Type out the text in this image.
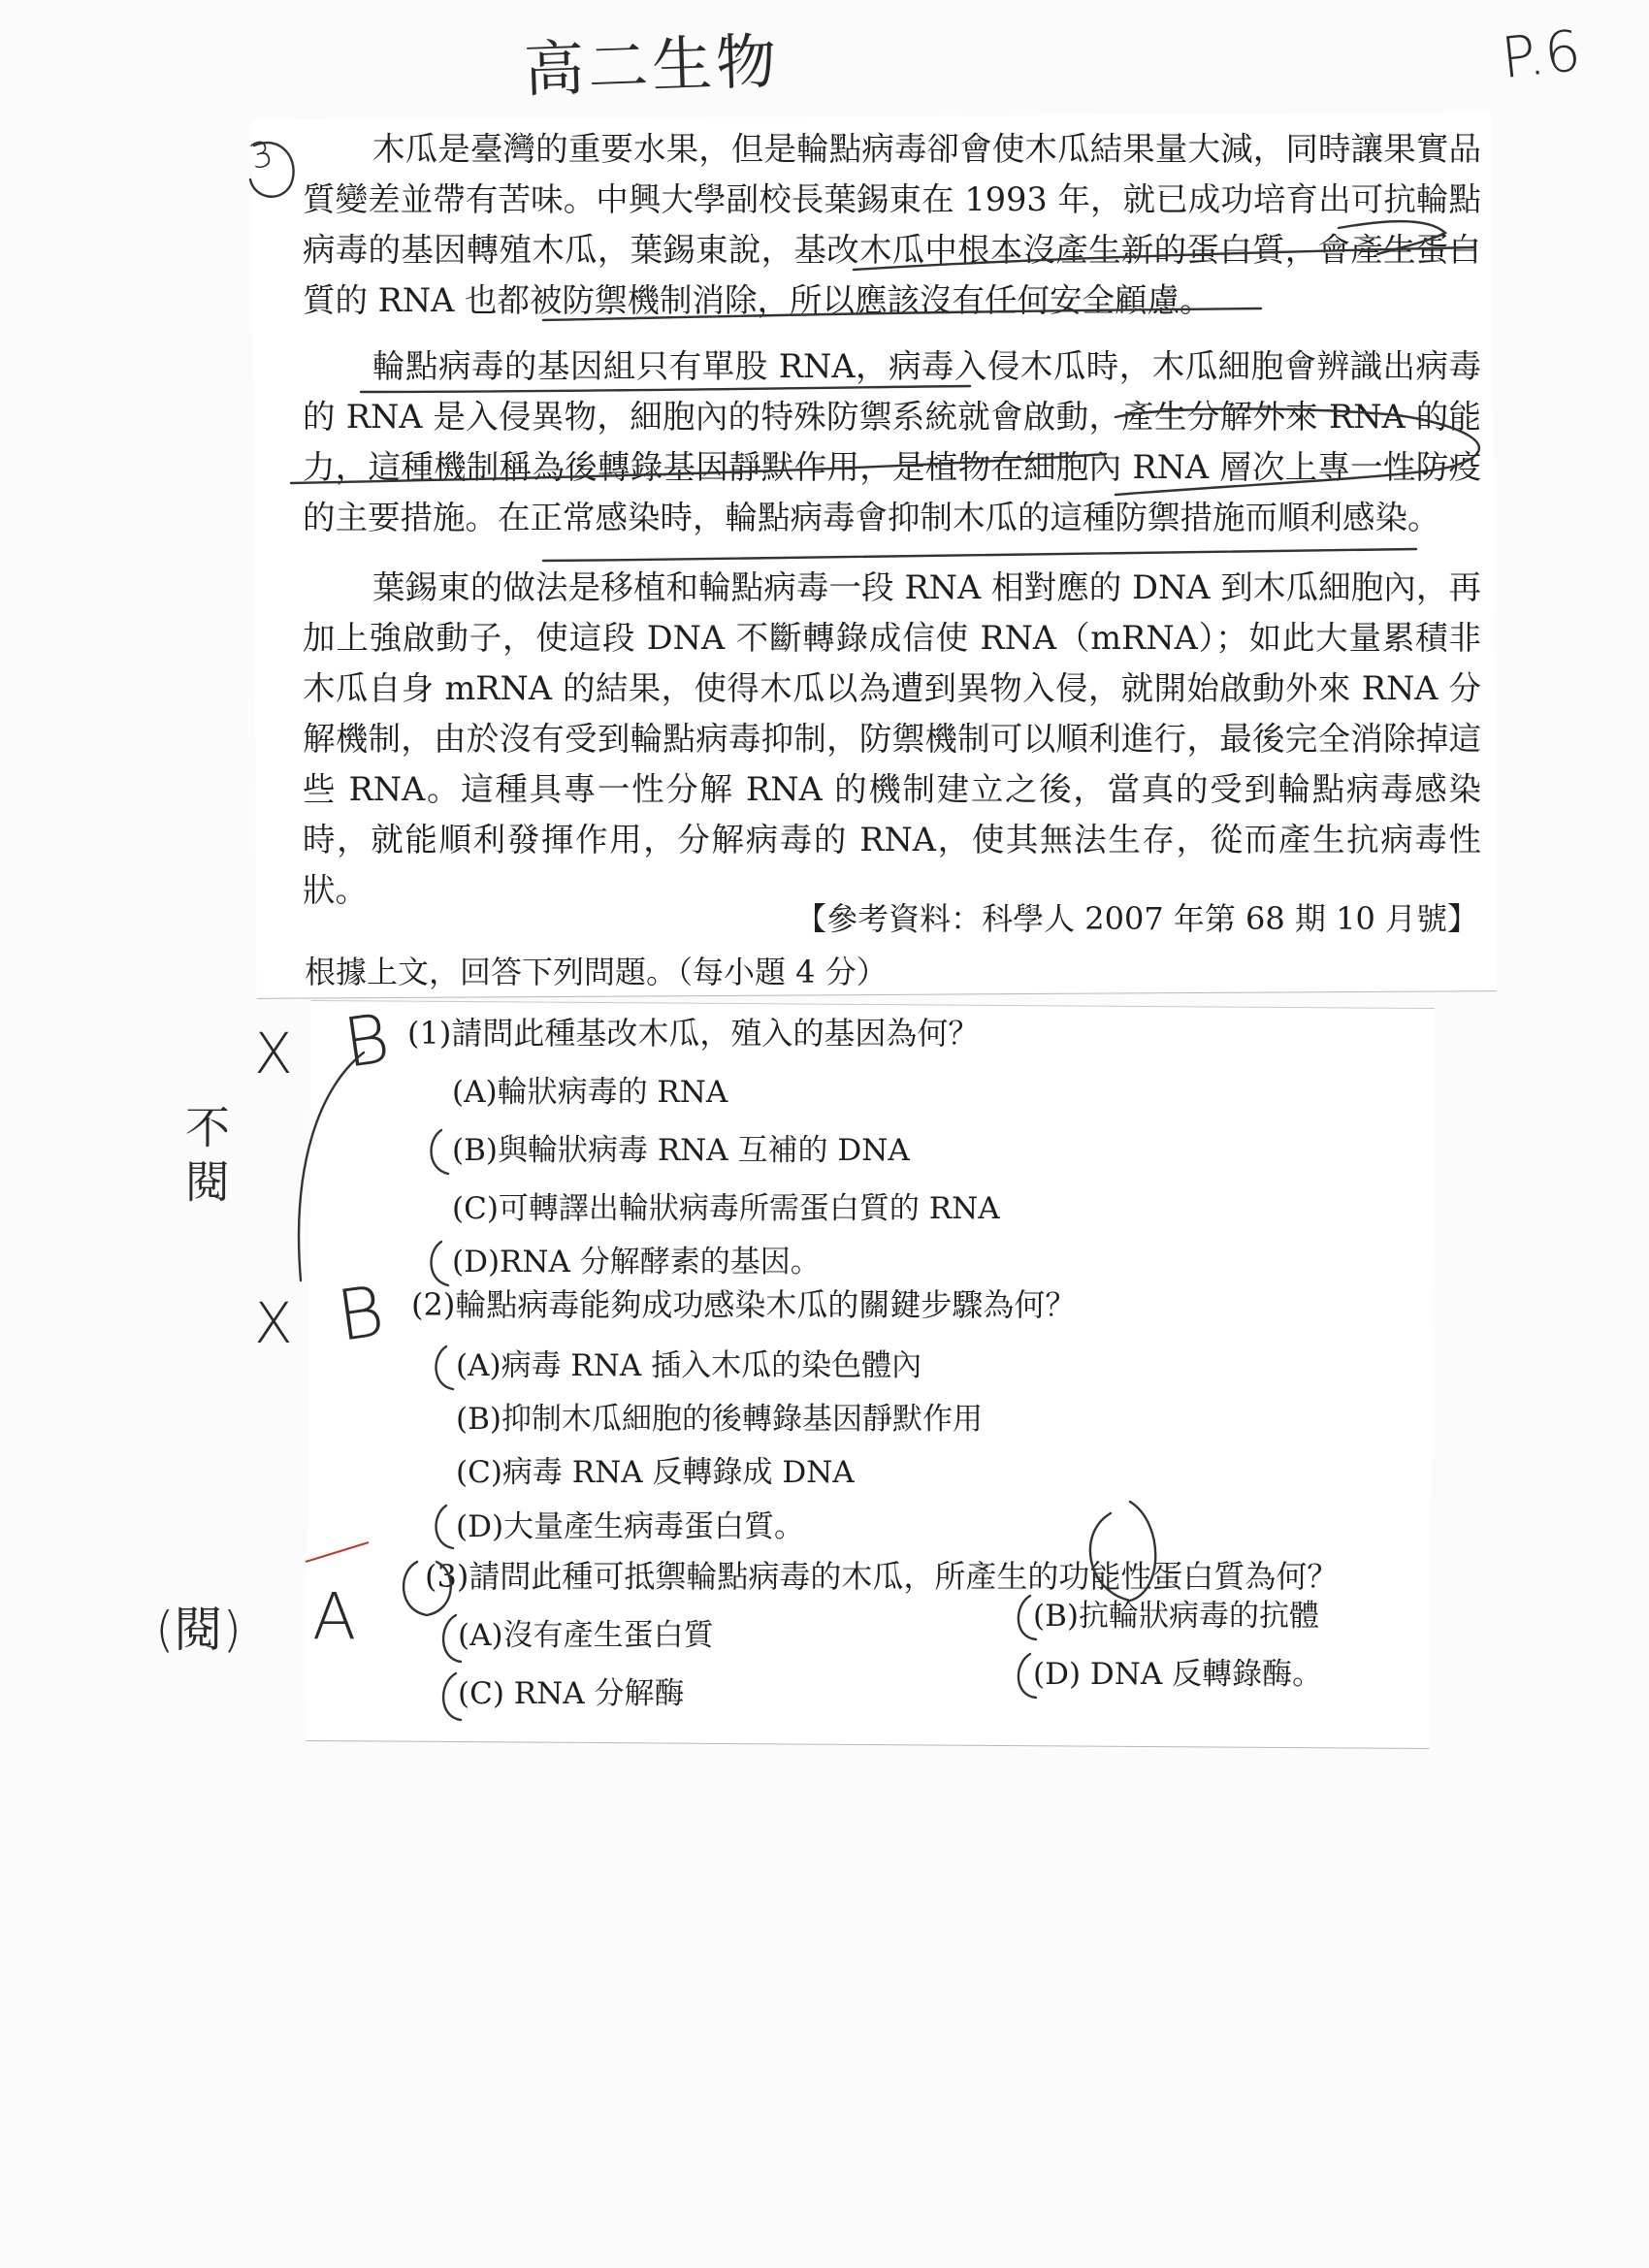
高二生物	P.6
3	木瓜是臺灣的重要水果，但是輪點病毒卻會使木瓜結果量大減，同時讓果實品質變差並帶有苦味。中興大學副校長葉錫東在 1993 年，就已成功培育出可抗輪點病毒的基因轉殖木瓜，葉錫東說，基改木瓜中根本沒產生新的蛋白質，會產生蛋白質的 RNA 也都被防禦機制消除，所以應該沒有任何安全顧慮。
輪點病毒的基因組只有單股 RNA，病毒入侵木瓜時，木瓜細胞會辨識出病毒的 RNA 是入侵異物，細胞內的特殊防禦系統就會啟動，產生分解外來 RNA 的能力，這種機制稱為後轉錄基因靜默作用，是植物在細胞內 RNA 層次上專一性防疫的主要措施。在正常感染時，輪點病毒會抑制木瓜的這種防禦措施而順利感染。
葉錫東的做法是移植和輪點病毒一段 RNA 相對應的 DNA 到木瓜細胞內，再加上強啟動子，使這段 DNA 不斷轉錄成信使 RNA（mRNA）；如此大量累積非木瓜自身 mRNA 的結果，使得木瓜以為遭到異物入侵，就開始啟動外來 RNA 分解機制，由於沒有受到輪點病毒抑制，防禦機制可以順利進行，最後完全消除掉這些 RNA。這種具專一性分解 RNA 的機制建立之後，當真的受到輪點病毒感染時，就能順利發揮作用，分解病毒的 RNA，使其無法生存，從而產生抗病毒性狀。
【參考資料：科學人 2007 年第 68 期 10 月號】
根據上文，回答下列問題。（每小題 4 分）
(1)請問此種基改木瓜，殖入的基因為何？
(A)輪狀病毒的 RNA
(B)與輪狀病毒 RNA 互補的 DNA
(C)可轉譯出輪狀病毒所需蛋白質的 RNA
(D)RNA 分解酵素的基因。
(2)輪點病毒能夠成功感染木瓜的關鍵步驟為何？
(A)病毒 RNA 插入木瓜的染色體內
(B)抑制木瓜細胞的後轉錄基因靜默作用
(C)病毒 RNA 反轉錄成 DNA
(D)大量產生病毒蛋白質。
(3)請問此種可抵禦輪點病毒的木瓜，所產生的功能性蛋白質為何？
(A)沒有產生蛋白質
(B)抗輪狀病毒的抗體
(C) RNA 分解酶
(D) DNA 反轉錄酶。
X B
不閱
X B
(閱) A
